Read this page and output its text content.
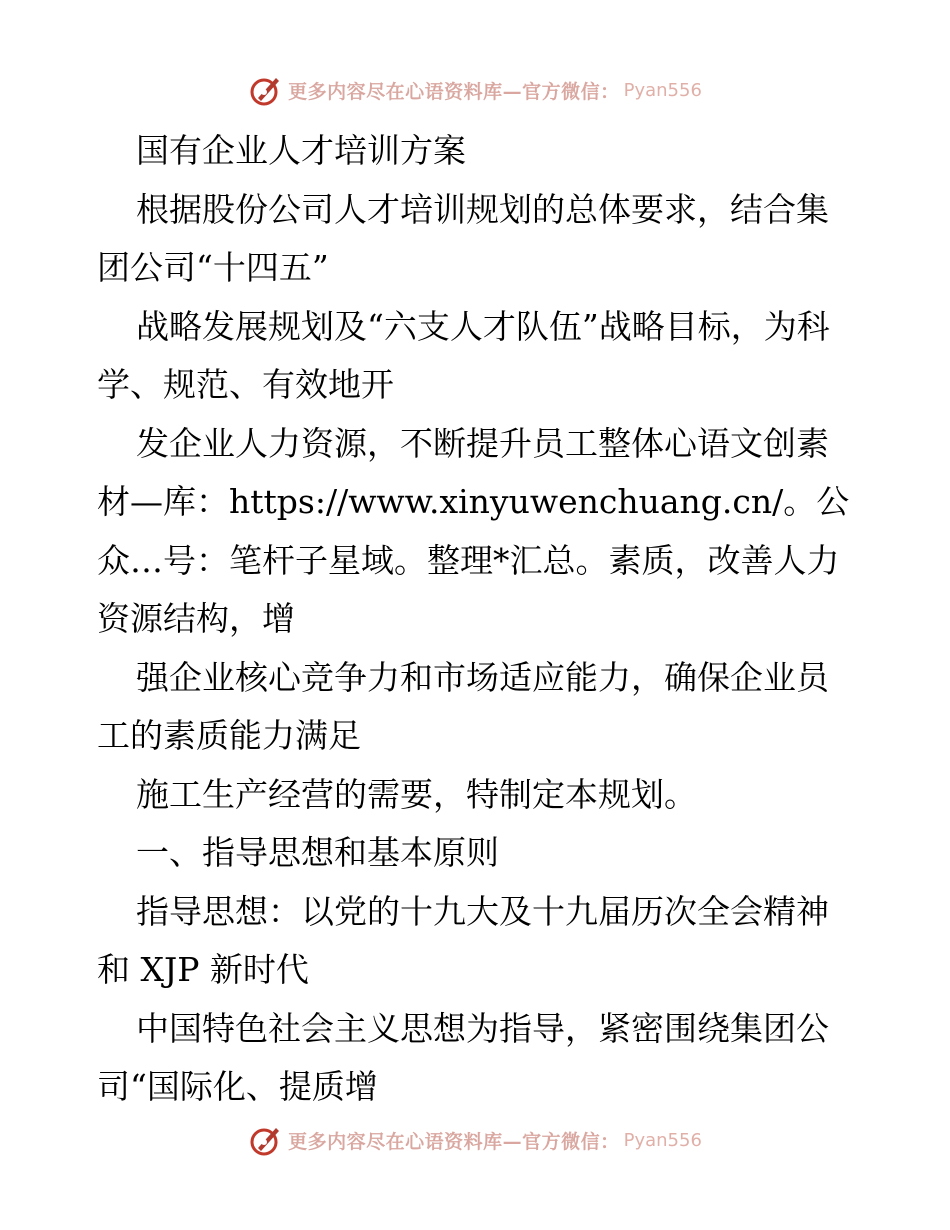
更多内容尽在心语资料库—官方微信： Pyan556

国有企业人才培训方案

根据股份公司人才培训规划的总体要求，结合集团公司“十四五”

战略发展规划及“六支人才队伍”战略目标，为科学、规范、有效地开

发企业人力资源，不断提升员工整体心语文创素材—库：https://www.xinyuwenchuang.cn/。公众…号：笔杆子星域。整理*汇总。素质，改善人力资源结构，增

强企业核心竞争力和市场适应能力，确保企业员工的素质能力满足

施工生产经营的需要，特制定本规划。

一、指导思想和基本原则

指导思想：以党的十九大及十九届历次全会精神和 XJP 新时代

中国特色社会主义思想为指导，紧密围绕集团公司“国际化、提质增

更多内容尽在心语资料库—官方微信： Pyan556
